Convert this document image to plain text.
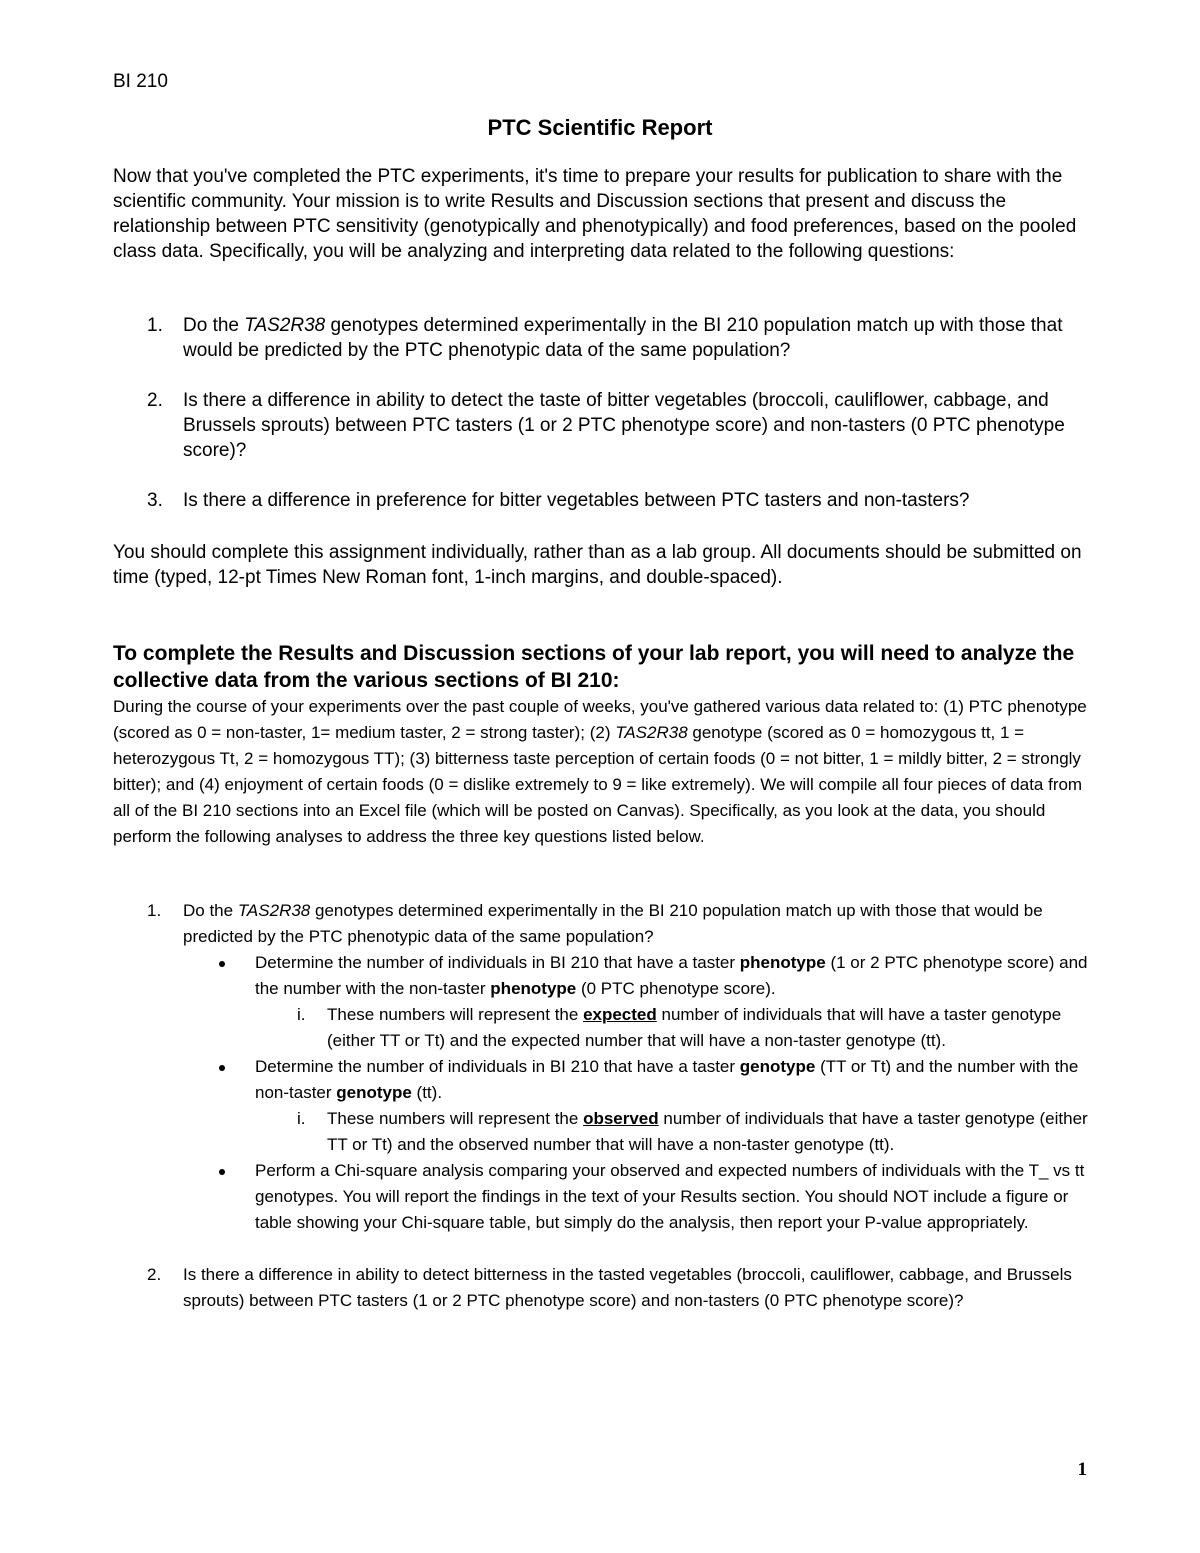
BI 210
PTC Scientific Report

Now that you've completed the PTC experiments, it's time to prepare your results for publication to share with the scientific community. Your mission is to write Results and Discussion sections that present and discuss the relationship between PTC sensitivity (genotypically and phenotypically) and food preferences, based on the pooled class data. Specifically, you will be analyzing and interpreting data related to the following questions:

1. Do the TAS2R38 genotypes determined experimentally in the BI 210 population match up with those that would be predicted by the PTC phenotypic data of the same population?
2. Is there a difference in ability to detect the taste of bitter vegetables (broccoli, cauliflower, cabbage, and Brussels sprouts) between PTC tasters (1 or 2 PTC phenotype score) and non-tasters (0 PTC phenotype score)?
3. Is there a difference in preference for bitter vegetables between PTC tasters and non-tasters?

You should complete this assignment individually, rather than as a lab group. All documents should be submitted on time (typed, 12-pt Times New Roman font, 1-inch margins, and double-spaced).

To complete the Results and Discussion sections of your lab report, you will need to analyze the collective data from the various sections of BI 210:

During the course of your experiments over the past couple of weeks, you've gathered various data related to: (1) PTC phenotype (scored as 0 = non-taster, 1= medium taster, 2 = strong taster); (2) TAS2R38 genotype (scored as 0 = homozygous tt, 1 = heterozygous Tt, 2 = homozygous TT); (3) bitterness taste perception of certain foods (0 = not bitter, 1 = mildly bitter, 2 = strongly bitter); and (4) enjoyment of certain foods (0 = dislike extremely to 9 = like extremely). We will compile all four pieces of data from all of the BI 210 sections into an Excel file (which will be posted on Canvas). Specifically, as you look at the data, you should perform the following analyses to address the three key questions listed below.

1. Do the TAS2R38 genotypes determined experimentally in the BI 210 population match up with those that would be predicted by the PTC phenotypic data of the same population?
Determine the number of individuals in BI 210 that have a taster phenotype (1 or 2 PTC phenotype score) and the number with the non-taster phenotype (0 PTC phenotype score).
i. These numbers will represent the expected number of individuals that will have a taster genotype (either TT or Tt) and the expected number that will have a non-taster genotype (tt).
Determine the number of individuals in BI 210 that have a taster genotype (TT or Tt) and the number with the non-taster genotype (tt).
i. These numbers will represent the observed number of individuals that have a taster genotype (either TT or Tt) and the observed number that will have a non-taster genotype (tt).
Perform a Chi-square analysis comparing your observed and expected numbers of individuals with the T_ vs tt genotypes. You will report the findings in the text of your Results section. You should NOT include a figure or table showing your Chi-square table, but simply do the analysis, then report your P-value appropriately.
2. Is there a difference in ability to detect bitterness in the tasted vegetables (broccoli, cauliflower, cabbage, and Brussels sprouts) between PTC tasters (1 or 2 PTC phenotype score) and non-tasters (0 PTC phenotype score)?
1
